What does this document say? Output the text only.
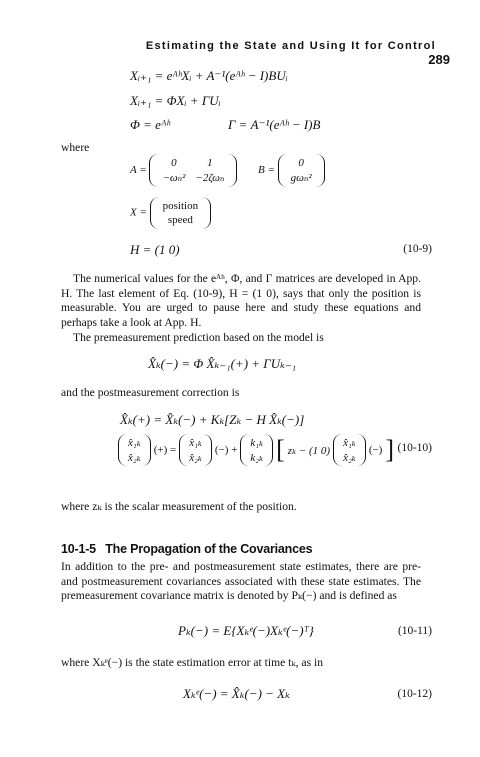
Estimating the State and Using It for Control 289
Xᵢ₊₁ = eᴬʰXᵢ + A⁻¹(eᴬʰ − I)BUᵢ
Xᵢ₊₁ = ΦXᵢ + ΓUᵢ
Φ = eᴬʰ	Γ = A⁻¹(eᴬʰ − I)B
where
A =
0	1
−ωₙ²	−2ζωₙ
B =
0
gωₙ²
X =
position
speed
H = (1 0)	(10-9)
The numerical values for the eᴬʰ, Φ, and Γ matrices are developed in App. H. The last element of Eq. (10-9), H = (1 0), says that only the position is measurable. You are urged to pause here and study these equations and perhaps take a look at App. H.
The premeasurement prediction based on the model is
X̂ₖ(−) = Φ X̂ₖ₋₁(+) + ΓUₖ₋₁
and the postmeasurement correction is
X̂ₖ(+) = X̂ₖ(−) + Kₖ[Zₖ − H X̂ₖ(−)]
x̂₁ₖ
x̂₂ₖ
(+) =
x̂₁ₖ
x̂₂ₖ
(−) +
k₁ₖ
k₂ₖ [ zₖ − (1 0)
x̂₁ₖ
x̂₂ₖ
(−) ] (10-10)
where zₖ is the scalar measurement of the position.
10-1-5 The Propagation of the Covariances
In addition to the pre- and postmeasurement state estimates, there are pre- and postmeasurement covariances associated with these state estimates. The premeasurement covariance matrix is denoted by Pₖ(−) and is defined as
Pₖ(−) = E{Xₖᵉ(−)Xₖᵉ(−)ᵀ}	(10-11)
where Xₖᵉ(−) is the state estimation error at time tₖ, as in
Xₖᵉ(−) = X̂ₖ(−) − Xₖ	(10-12)
